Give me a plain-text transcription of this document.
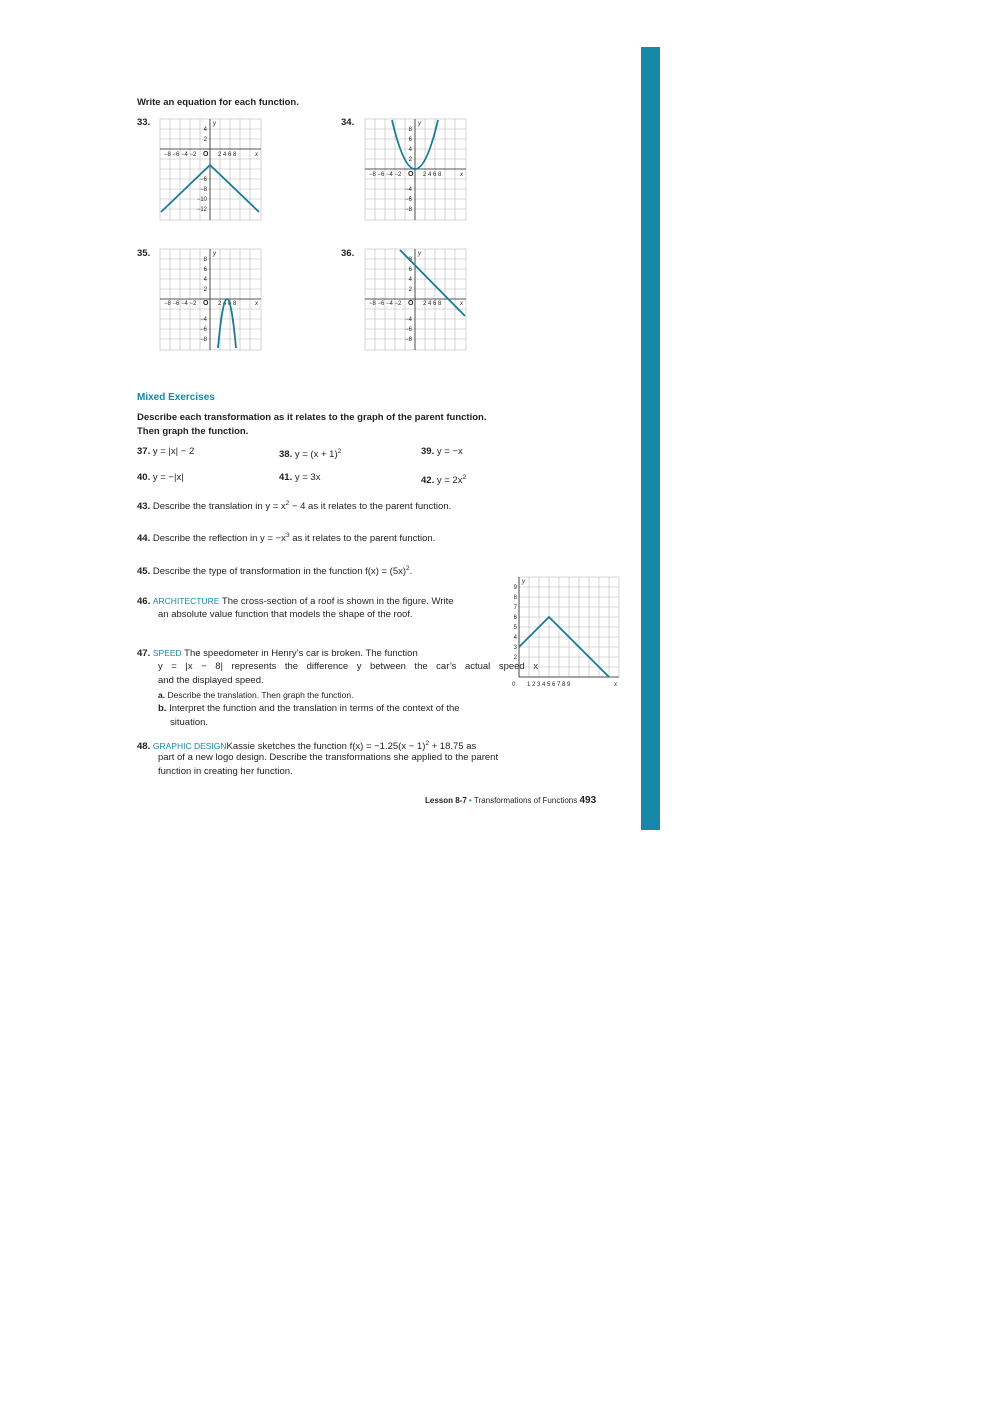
Write an equation for each function.
33.	34.
35.	36.
4
2
−6
−8
−10
−12
−8 −6 −4 −2 O 2 4 6 8	x
y
8
6
4
2
−4
−6
−8
−8 −6 −4 −2 O 2 4 6 8	x
y
8
6
4
2
−4
−6
−8
−8 −6 −4 −2 O 2 4 6 8	x
y
8
6
4
2
−4
−6
−8
−8 −6 −4 −2 O 2 4 6 8	x
y
Mixed Exercises
Describe each transformation as it relates to the graph of the parent function.
Then graph the function.
37. y = |x| − 2	38. $y = (x + 1)^2$	39. y = −x
40. y = −|x|	41. y = 3x	42. $y = 2x^2$
43. Describe the translation in $y = x^2 - 4$ as it relates to the parent function.
44. Describe the reflection in $y = -x^3$ as it relates to the parent function.
45. Describe the type of transformation in the function $f(x) = (5x)^2$.
46. ARCHITECTURE The cross-section of a roof is shown in the figure. Write
an absolute value function that models the shape of the roof.
47. SPEED The speedometer in Henry’s car is broken. The function
y = |x − 8| represents the difference y between the car’s actual speed x
and the displayed speed.
a. Describe the translation. Then graph the function.
b. Interpret the function and the translation in terms of the context of the
situation.
48. GRAPHIC DESIGNKassie sketches the function $f(x) = -1.25(x - 1)^2 + 18.75$ as
part of a new logo design. Describe the transformations she applied to the parent
function in creating her function.
9
8
7
6
5
4
3
2
0 1 2 3 4 5 6 7 8 9	x
y
Lesson 8-7 • Transformations of Functions 493
